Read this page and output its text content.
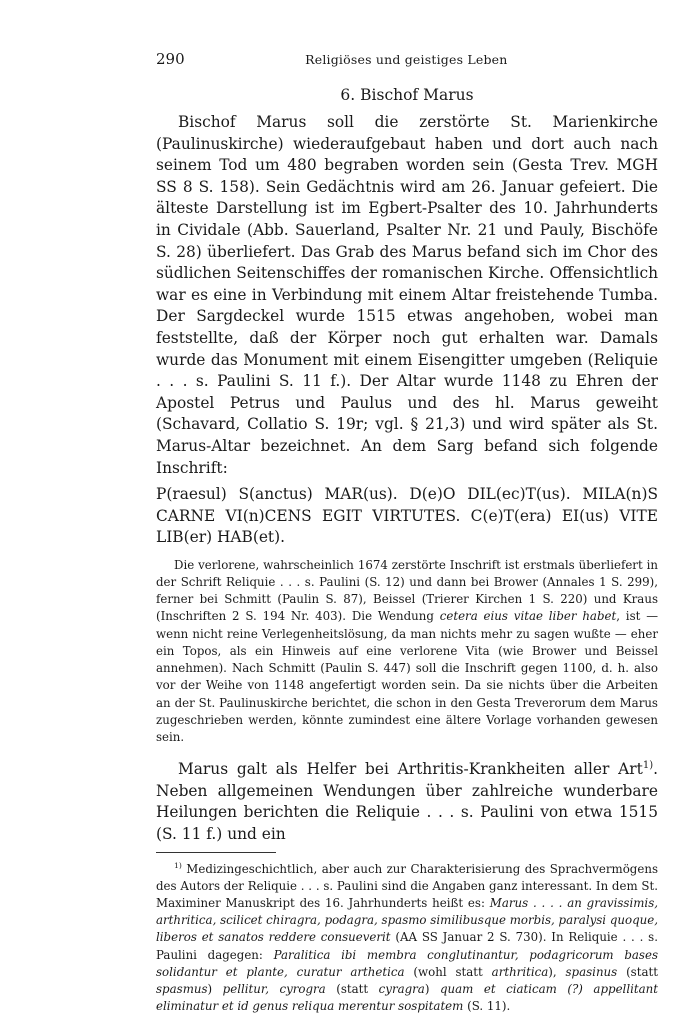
290	Religiöses und geistiges Leben
6. Bischof Marus

Bischof Marus soll die zerstörte St. Marienkirche (Paulinuskirche) wiederaufgebaut haben und dort auch nach seinem Tod um 480 begraben worden sein (Gesta Trev. MGH SS 8 S. 158). Sein Gedächtnis wird am 26. Januar gefeiert. Die älteste Darstellung ist im Egbert-Psalter des 10. Jahrhunderts in Cividale (Abb. Sauerland, Psalter Nr. 21 und Pauly, Bischöfe S. 28) überliefert. Das Grab des Marus befand sich im Chor des südlichen Seitenschiffes der romanischen Kirche. Offensichtlich war es eine in Verbindung mit einem Altar freistehende Tumba. Der Sargdeckel wurde 1515 etwas angehoben, wobei man feststellte, daß der Körper noch gut erhalten war. Damals wurde das Monument mit einem Eisengitter umgeben (Reliquie . . . s. Paulini S. 11 f.). Der Altar wurde 1148 zu Ehren der Apostel Petrus und Paulus und des hl. Marus geweiht (Schavard, Collatio S. 19r; vgl. § 21,3) und wird später als St. Marus-Altar bezeichnet. An dem Sarg befand sich folgende Inschrift:

P(raesul) S(anctus) MAR(us). D(e)O DIL(ec)T(us). MILA(n)S CARNE VI(n)CENS EGIT VIRTUTES. C(e)T(era) EI(us) VITE LIB(er) HAB(et).

Die verlorene, wahrscheinlich 1674 zerstörte Inschrift ist erstmals überliefert in der Schrift Reliquie . . . s. Paulini (S. 12) und dann bei Brower (Annales 1 S. 299), ferner bei Schmitt (Paulin S. 87), Beissel (Trierer Kirchen 1 S. 220) und Kraus (Inschriften 2 S. 194 Nr. 403). Die Wendung cetera eius vitae liber habet, ist — wenn nicht reine Verlegenheitslösung, da man nichts mehr zu sagen wußte — eher ein Topos, als ein Hinweis auf eine verlorene Vita (wie Brower und Beissel annehmen). Nach Schmitt (Paulin S. 447) soll die Inschrift gegen 1100, d. h. also vor der Weihe von 1148 angefertigt worden sein. Da sie nichts über die Arbeiten an der St. Paulinuskirche berichtet, die schon in den Gesta Treverorum dem Marus zugeschrieben werden, könnte zumindest eine ältere Vorlage vorhanden gewesen sein.

Marus galt als Helfer bei Arthritis-Krankheiten aller Art$^{1)}$. Neben allgemeinen Wendungen über zahlreiche wunderbare Heilungen berichten die Reliquie . . . s. Paulini von etwa 1515 (S. 11 f.) und ein

$^{1)}$ Medizingeschichtlich, aber auch zur Charakterisierung des Sprachvermögens des Autors der Reliquie . . . s. Paulini sind die Angaben ganz interessant. In dem St. Maximiner Manuskript des 16. Jahrhunderts heißt es: Marus . . . . an gravissimis, arthritica, scilicet chiragra, podagra, spasmo similibusque morbis, paralysi quoque, liberos et sanatos reddere consueverit (AA SS Januar 2 S. 730). In Reliquie . . . s. Paulini dagegen: Paralitica ibi membra conglutinantur, podagricorum bases solidantur et plante, curatur arthetica (wohl statt arthritica), spasinus (statt spasmus) pellitur, cyrogra (statt cyragra) quam et ciaticam (?) appellitant eliminatur et id genus reliqua merentur sospitatem (S. 11).
